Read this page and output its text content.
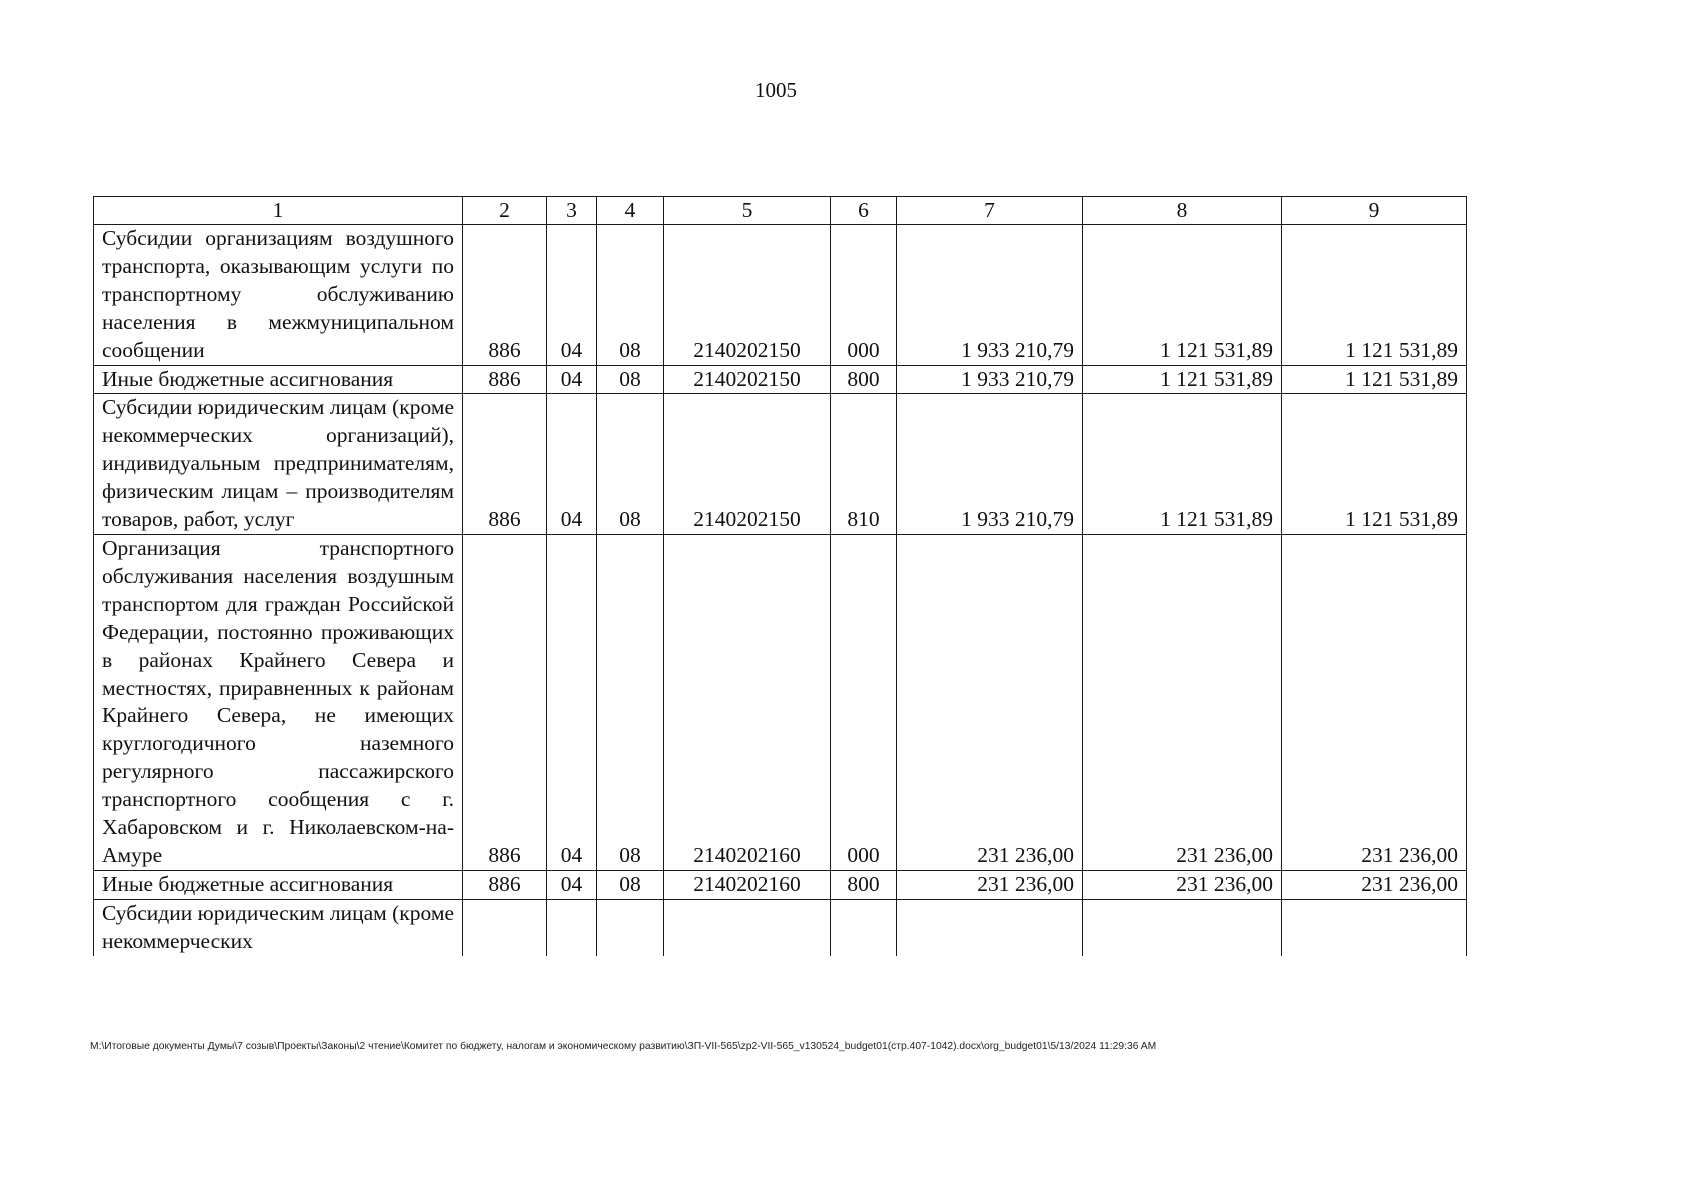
1005
1	2	3	4	5	6	7	8	9
Субсидии организациям воздушного транспорта, оказывающим услуги по транспортному обслуживанию населения в межмуниципальном сообщении	886	04	08	2140202150	000	1 933 210,79	1 121 531,89	1 121 531,89
Иные бюджетные ассигнования	886	04	08	2140202150	800	1 933 210,79	1 121 531,89	1 121 531,89
Субсидии юридическим лицам (кроме некоммерческих организаций), индивидуальным предпринимателям, физическим лицам – производителям товаров, работ, услуг	886	04	08	2140202150	810	1 933 210,79	1 121 531,89	1 121 531,89
Организация транспортного обслуживания населения воздушным транспортом для граждан Российской Федерации, постоянно проживающих в районах Крайнего Севера и местностях, приравненных к районам Крайнего Севера, не имеющих круглогодичного наземного регулярного пассажирского транспортного сообщения с г. Хабаровском и г. Николаевском-на-Амуре	886	04	08	2140202160	000	231 236,00	231 236,00	231 236,00
Иные бюджетные ассигнования	886	04	08	2140202160	800	231 236,00	231 236,00	231 236,00
Субсидии юридическим лицам (кроме некоммерческих								
M:\Итоговые документы Думы\7 созыв\Проекты\Законы\2 чтение\Комитет по бюджету, налогам и экономическому развитию\ЗП-VII-565\zp2-VII-565_v130524_budget01(стр.407-1042).docx\org_budget01\5/13/2024 11:29:36 AM
